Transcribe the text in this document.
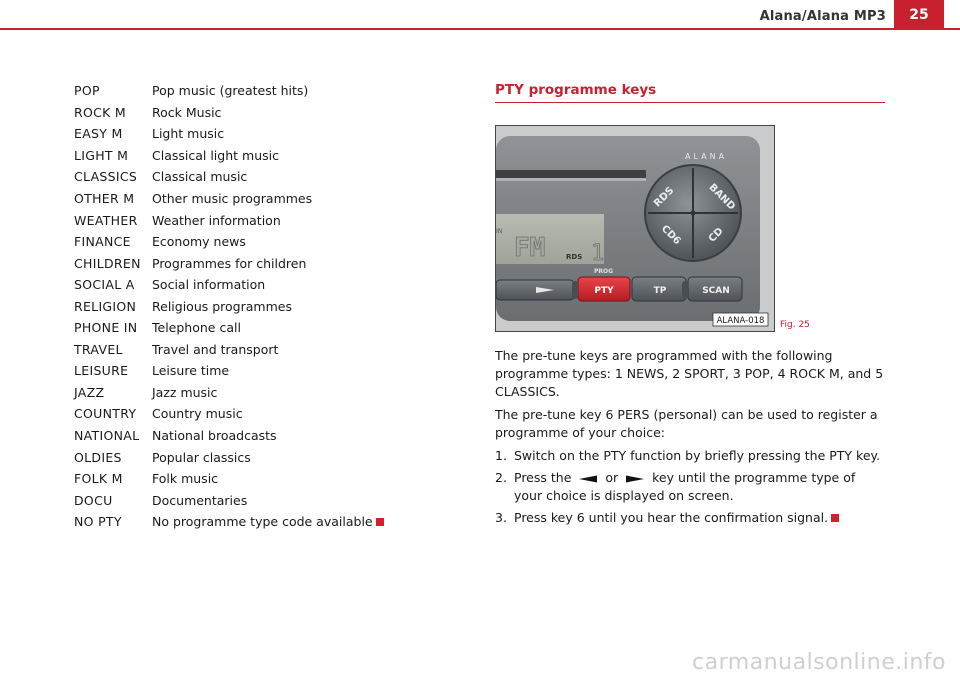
Alana/Alana MP3	25
POP	Pop music (greatest hits)
ROCK M	Rock Music
EASY M	Light music
LIGHT M	Classical light music
CLASSICS	Classical music
OTHER M	Other music programmes
WEATHER	Weather information
FINANCE	Economy news
CHILDREN	Programmes for children
SOCIAL A	Social information
RELIGION	Religious programmes
PHONE IN	Telephone call
TRAVEL	Travel and transport
LEISURE	Leisure time
JAZZ	Jazz music
COUNTRY	Country music
NATIONAL	National broadcasts
OLDIES	Popular classics
FOLK M	Folk music
DOCU	Documentaries
NO PTY	No programme type code available
PTY programme keys
ALANA
IN
FM	RDS 1
RDS	BAND
CD6 CD
PROG
PTY	TP	SCAN
ALANA-018 Fig. 25

The pre-tune keys are programmed with the following programme types: 1 NEWS, 2 SPORT, 3 POP, 4 ROCK M, and 5 CLASSICS.

The pre-tune key 6 PERS (personal) can be used to register a programme of your choice:

1. Switch on the PTY function by briefly pressing the PTY key.
2. Press the	or	key until the programme type of your choice is displayed on screen.
3. Press key 6 until you hear the confirmation signal.
carmanualsonline.info
